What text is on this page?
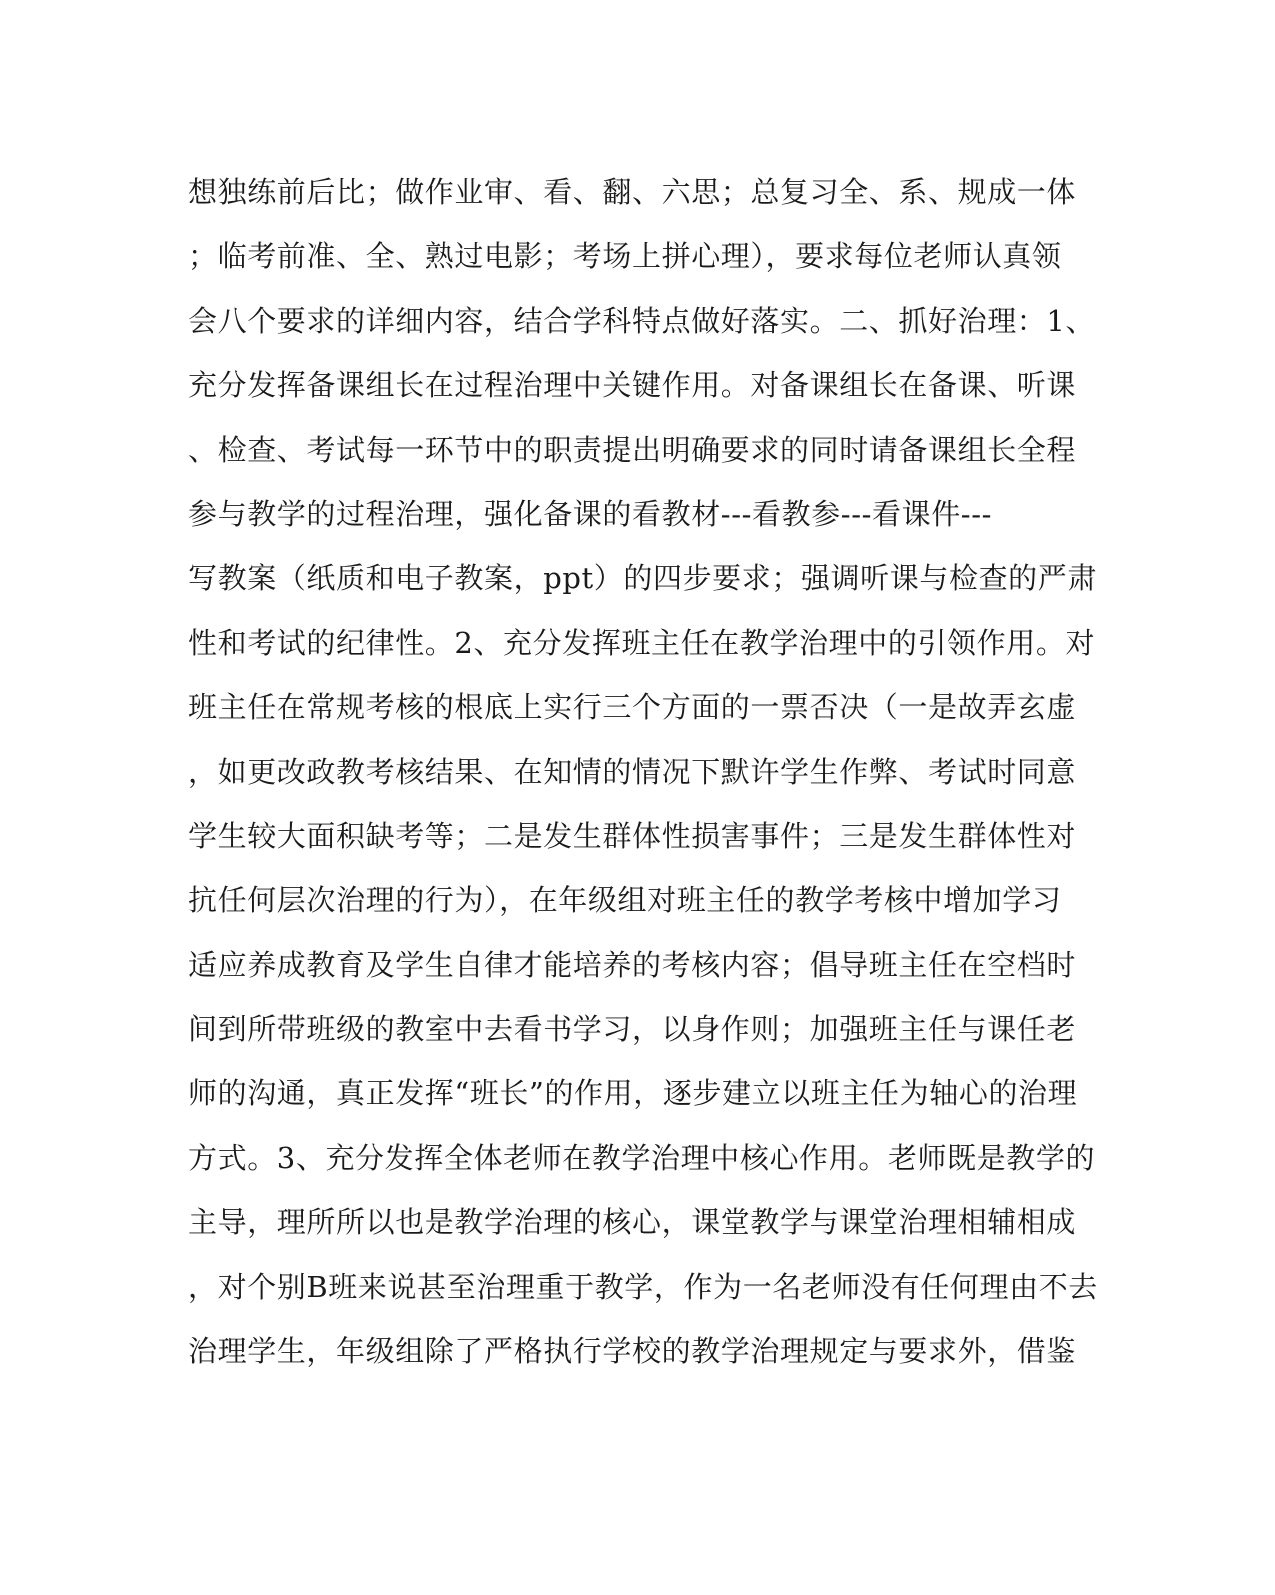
想独练前后比；做作业审、看、翻、六思；总复习全、系、规成一体
；临考前准、全、熟过电影；考场上拼心理），要求每位老师认真领
会八个要求的详细内容，结合学科特点做好落实。二、抓好治理：1、
充分发挥备课组长在过程治理中关键作用。对备课组长在备课、听课
、检查、考试每一环节中的职责提出明确要求的同时请备课组长全程
参与教学的过程治理，强化备课的看教材---看教参---看课件---
写教案（纸质和电子教案，ppt）的四步要求；强调听课与检查的严肃
性和考试的纪律性。2、充分发挥班主任在教学治理中的引领作用。对
班主任在常规考核的根底上实行三个方面的一票否决（一是故弄玄虚
，如更改政教考核结果、在知情的情况下默许学生作弊、考试时同意
学生较大面积缺考等；二是发生群体性损害事件；三是发生群体性对
抗任何层次治理的行为），在年级组对班主任的教学考核中增加学习
适应养成教育及学生自律才能培养的考核内容；倡导班主任在空档时
间到所带班级的教室中去看书学习，以身作则；加强班主任与课任老
师的沟通，真正发挥“班长”的作用，逐步建立以班主任为轴心的治理
方式。3、充分发挥全体老师在教学治理中核心作用。老师既是教学的
主导，理所所以也是教学治理的核心，课堂教学与课堂治理相辅相成
，对个别B班来说甚至治理重于教学，作为一名老师没有任何理由不去
治理学生，年级组除了严格执行学校的教学治理规定与要求外，借鉴
